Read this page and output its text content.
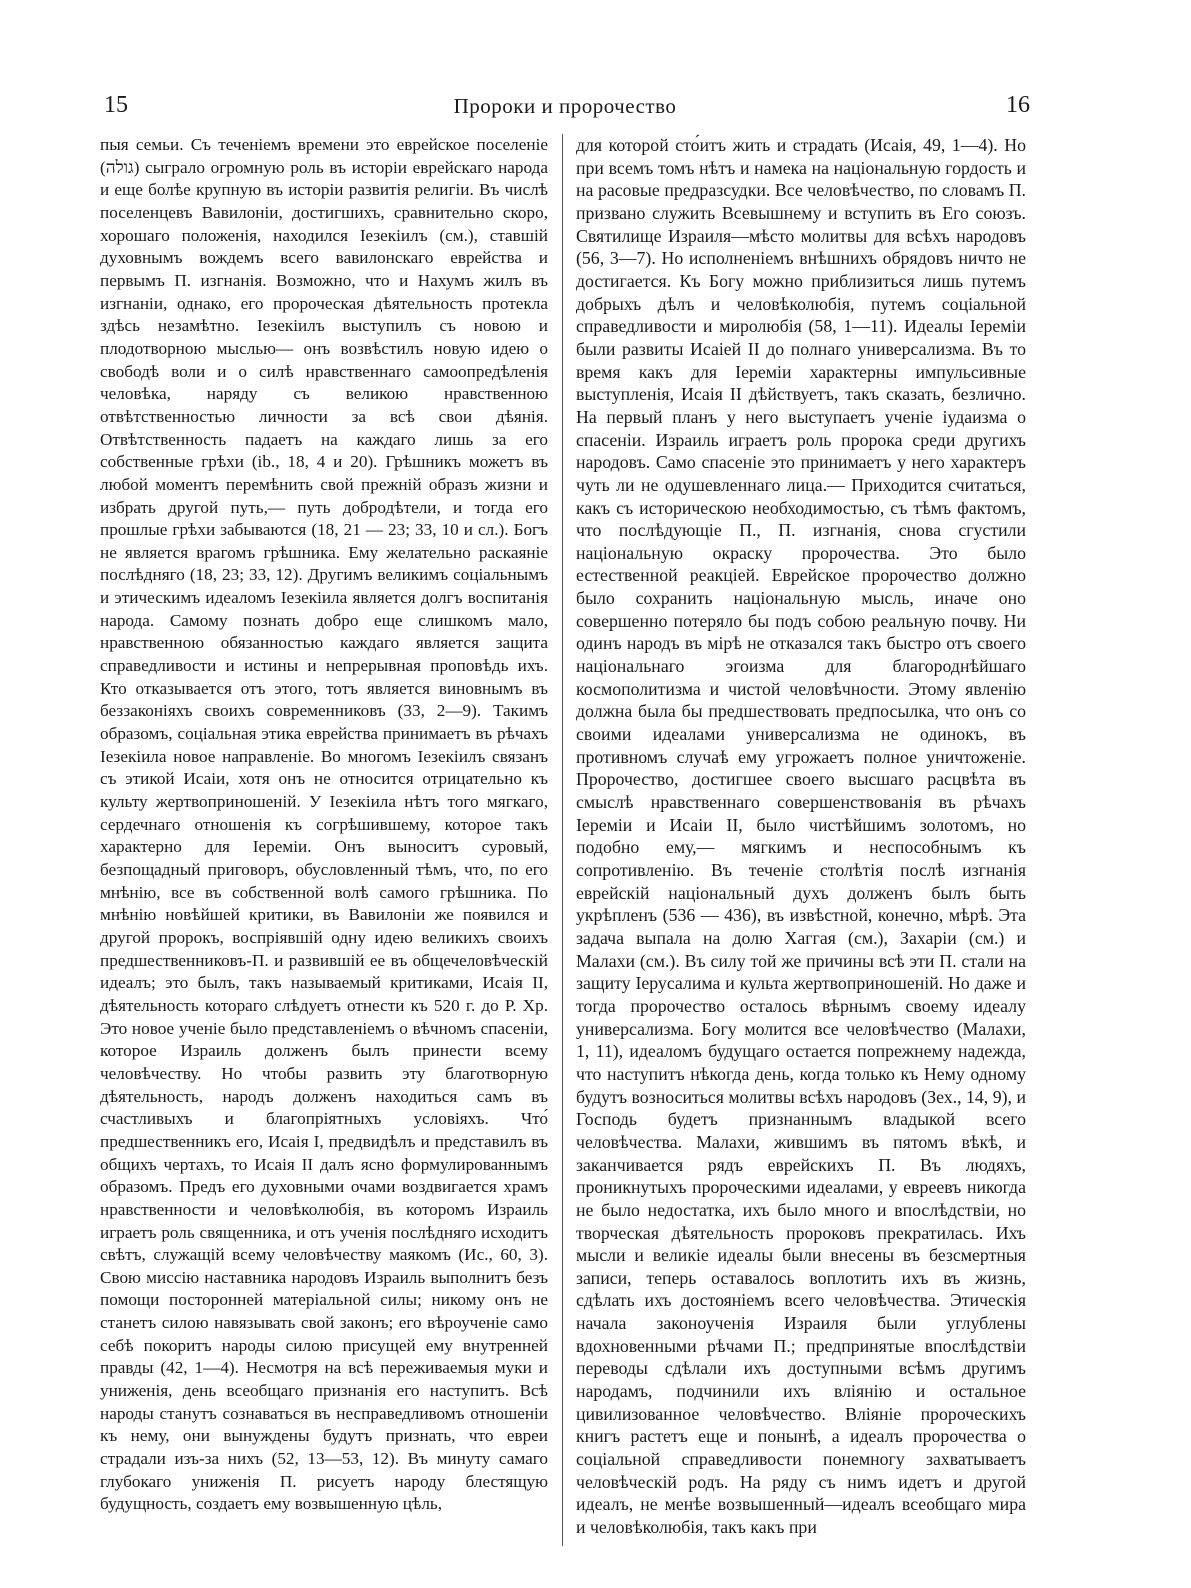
15	Пророки и пророчество	16

пыя семьи. Съ теченіемъ времени это еврейское поселеніе (גולה) сыграло огромную роль въ исторіи еврейскаго народа и еще болѣе крупную въ исторіи развитія религіи. Въ числѣ поселенцевъ Вавилоніи, достигшихъ, сравнительно скоро, хорошаго положенія, находился Іезекіилъ (см.), ставшій духовнымъ вождемъ всего вавилонскаго еврейства и первымъ П. изгнанія. Возможно, что и Нахумъ жилъ въ изгнаніи, однако, его пророческая дѣятельность протекла здѣсь незамѣтно. Іезекіилъ выступилъ съ новою и плодотворною мыслью— онъ возвѣстилъ новую идею о свободѣ воли и о силѣ нравственнаго самоопредѣленія человѣка, наряду съ великою нравственною отвѣтственностью личности за всѣ свои дѣянія. Отвѣтственность падаетъ на каждаго лишь за его собственные грѣхи (ib., 18, 4 и 20). Грѣшникъ можетъ въ любой моментъ перемѣнить свой прежній образъ жизни и избрать другой путь,— путь добродѣтели, и тогда его прошлые грѣхи забываются (18, 21 — 23; 33, 10 и сл.). Богъ не является врагомъ грѣшника. Ему желательно раскаяніе послѣдняго (18, 23; 33, 12). Другимъ великимъ соціальнымъ и этическимъ идеаломъ Іезекіила является долгъ воспитанія народа. Самому познать добро еще слишкомъ мало, нравственною обязанностью каждаго является защита справедливости и истины и непрерывная проповѣдь ихъ. Кто отказывается отъ этого, тотъ является виновнымъ въ беззаконіяхъ своихъ современниковъ (33, 2—9). Такимъ образомъ, соціальная этика еврейства принимаетъ въ рѣчахъ Іезекіила новое направленіе. Во многомъ Іезекіилъ связанъ съ этикой Исаіи, хотя онъ не относится отрицательно къ культу жертвоприношеній. У Іезекіила нѣтъ того мягкаго, сердечнаго отношенія къ согрѣшившему, которое такъ характерно для Іереміи. Онъ выноситъ суровый, безпощадный приговоръ, обусловленный тѣмъ, что, по его мнѣнію, все въ собственной волѣ самого грѣшника. По мнѣнію новѣйшей критики, въ Вавилоніи же появился и другой пророкъ, воспріявшій одну идею великихъ своихъ предшественниковъ-П. и развившій ее въ общечеловѣческій идеалъ; это былъ, такъ называемый критиками, Исаія II, дѣятельность котораго слѣдуетъ отнести къ 520 г. до Р. Хр. Это новое ученіе было представленіемъ о вѣчномъ спасеніи, которое Израиль долженъ былъ принести всему человѣчеству. Но чтобы развить эту благотворную дѣятельность, народъ долженъ находиться самъ въ счастливыхъ и благопріятныхъ условіяхъ. Что́ предшественникъ его, Исаія I, предвидѣлъ и представилъ въ общихъ чертахъ, то Исаія II далъ ясно формулированнымъ образомъ. Предъ его духовными очами воздвигается храмъ нравственности и человѣколюбія, въ которомъ Израиль играетъ роль священника, и отъ ученія послѣдняго исходитъ свѣтъ, служащій всему человѣчеству маякомъ (Ис., 60, 3). Свою миссію наставника народовъ Израиль выполнитъ безъ помощи посторонней матеріальной силы; никому онъ не станетъ силою навязывать свой законъ; его вѣроученіе само себѣ покоритъ народы силою присущей ему внутренней правды (42, 1—4). Несмотря на всѣ переживаемыя муки и униженія, день всеобщаго признанія его наступитъ. Всѣ народы станутъ сознаваться въ несправедливомъ отношеніи къ нему, они вынуждены будутъ признать, что евреи страдали изъ-за нихъ (52, 13—53, 12). Въ минуту самаго глубокаго униженія П. рисуетъ народу блестящую будущность, создаетъ ему возвышенную цѣль,

для которой сто́итъ жить и страдать (Исаія, 49, 1—4). Но при всемъ томъ нѣтъ и намека на національную гордость и на расовые предразсудки. Все человѣчество, по словамъ П. призвано служить Всевышнему и вступить въ Его союзъ. Святилище Израиля—мѣсто молитвы для всѣхъ народовъ (56, 3—7). Но исполненіемъ внѣшнихъ обрядовъ ничто не достигается. Къ Богу можно приблизиться лишь путемъ добрыхъ дѣлъ и человѣколюбія, путемъ соціальной справедливости и миролюбія (58, 1—11). Идеалы Іереміи были развиты Исаіей II до полнаго универсализма. Въ то время какъ для Іереміи характерны импульсивные выступленія, Исаія II дѣйствуетъ, такъ сказать, безлично. На первый планъ у него выступаетъ ученіе іудаизма о спасеніи. Израиль играетъ роль пророка среди другихъ народовъ. Само спасеніе это принимаетъ у него характеръ чуть ли не одушевленнаго лица.— Приходится считаться, какъ съ историческою необходимостью, съ тѣмъ фактомъ, что послѣдующіе П., П. изгнанія, снова сгустили національную окраску пророчества. Это было естественной реакціей. Еврейское пророчество должно было сохранить національную мысль, иначе оно совершенно потеряло бы подъ собою реальную почву. Ни одинъ народъ въ мірѣ не отказался такъ быстро отъ своего національнаго эгоизма для благороднѣйшаго космополитизма и чистой человѣчности. Этому явленію должна была бы предшествовать предпосылка, что онъ со своими идеалами универсализма не одинокъ, въ противномъ случаѣ ему угрожаетъ полное уничтоженіе. Пророчество, достигшее своего высшаго расцвѣта въ смыслѣ нравственнаго совершенствованія въ рѣчахъ Іереміи и Исаіи II, было чистѣйшимъ золотомъ, но подобно ему,— мягкимъ и неспособнымъ къ сопротивленію. Въ теченіе столѣтія послѣ изгнанія еврейскій національный духъ долженъ былъ быть укрѣпленъ (536 — 436), въ извѣстной, конечно, мѣрѣ. Эта задача выпала на долю Хаггая (см.), Захаріи (см.) и Малахи (см.). Въ силу той же причины всѣ эти П. стали на защиту Іерусалима и культа жертвоприношеній. Но даже и тогда пророчество осталось вѣрнымъ своему идеалу универсализма. Богу молится все человѣчество (Малахи, 1, 11), идеаломъ будущаго остается попрежнему надежда, что наступитъ нѣкогда день, когда только къ Нему одному будутъ возноситься молитвы всѣхъ народовъ (Зех., 14, 9), и Господь будетъ признаннымъ владыкой всего человѣчества. Малахи, жившимъ въ пятомъ вѣкѣ, и заканчивается рядъ еврейскихъ П. Въ людяхъ, проникнутыхъ пророческими идеалами, у евреевъ никогда не было недостатка, ихъ было много и впослѣдствіи, но творческая дѣятельность пророковъ прекратилась. Ихъ мысли и великіе идеалы были внесены въ безсмертныя записи, теперь оставалось воплотить ихъ въ жизнь, сдѣлать ихъ достояніемъ всего человѣчества. Этическія начала законоученія Израиля были углублены вдохновенными рѣчами П.; предпринятые впослѣдствіи переводы сдѣлали ихъ доступными всѣмъ другимъ народамъ, подчинили ихъ вліянію и остальное цивилизованное человѣчество. Вліяніе пророческихъ книгъ растетъ еще и понынѣ, а идеалъ пророчества о соціальной справедливости понемногу захватываетъ человѣческій родъ. На ряду съ нимъ идетъ и другой идеалъ, не менѣе возвышенный—идеалъ всеобщаго мира и человѣколюбія, такъ какъ при
